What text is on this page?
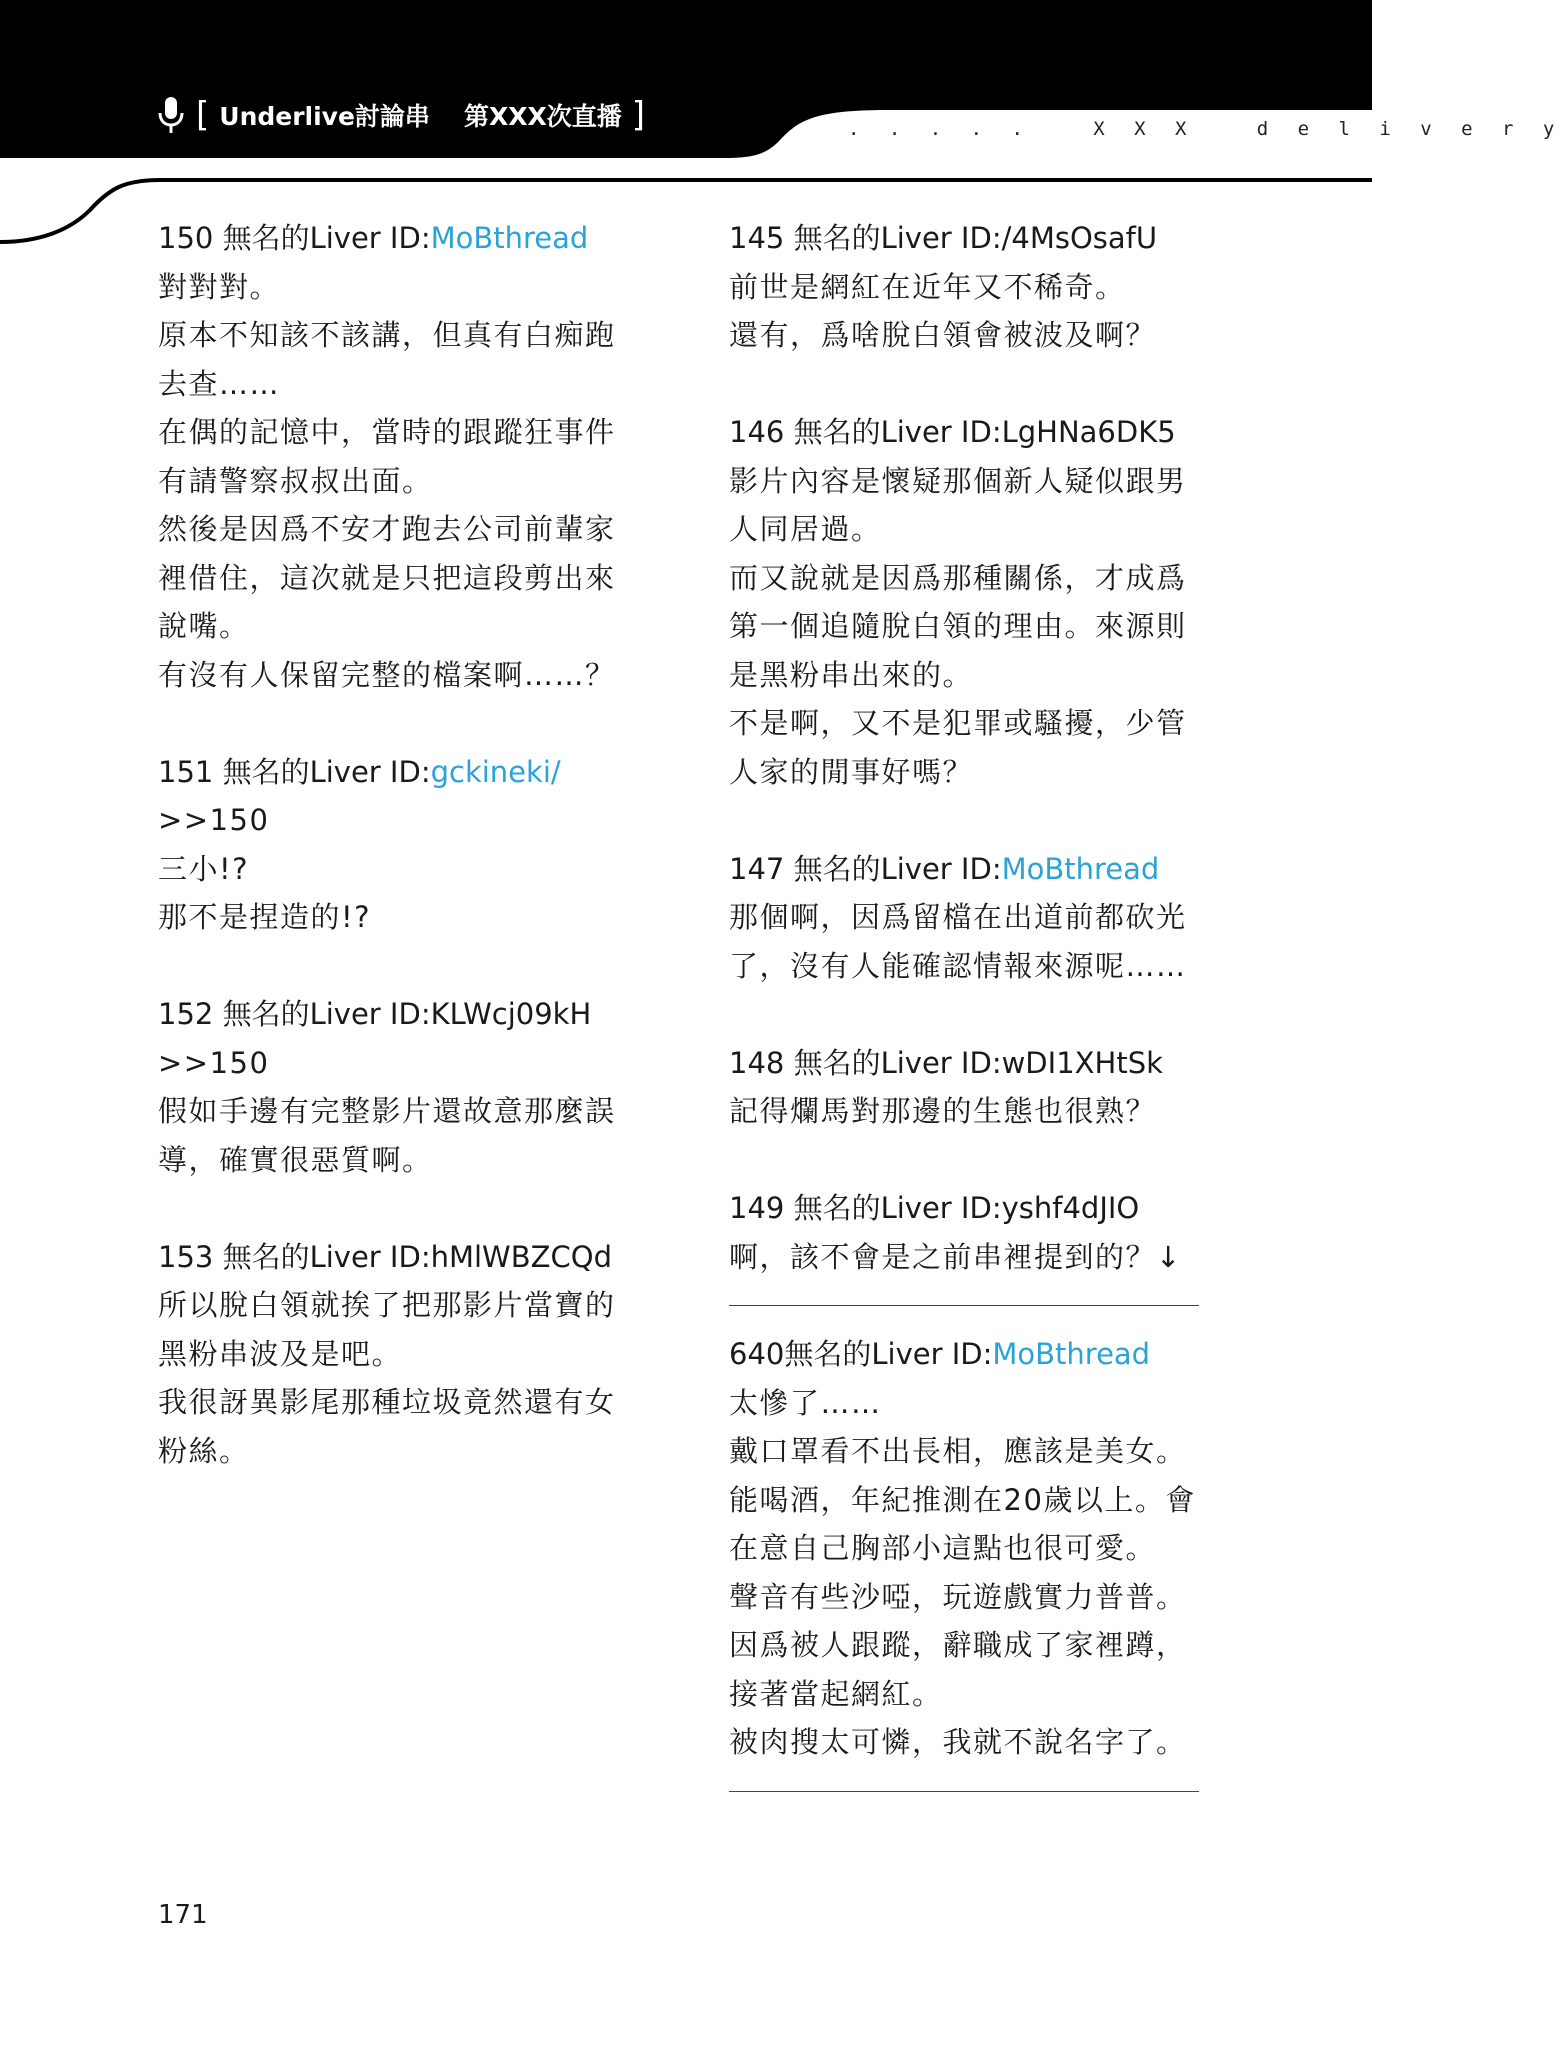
[ Underlive討論串 第XXX次直播 ]	. . . . .   X X X   d e l i v e r y
150 無名的Liver ID:MoBthread
對對對。
原本不知該不該講，但真有白痴跑
去查……
在偶的記憶中，當時的跟蹤狂事件
有請警察叔叔出面。
然後是因爲不安才跑去公司前輩家
裡借住，這次就是只把這段剪出來
說嘴。
有沒有人保留完整的檔案啊……？
151 無名的Liver ID:gckineki/
>>150
三小!?
那不是捏造的!?
152 無名的Liver ID:KLWcj09kH
>>150
假如手邊有完整影片還故意那麼誤
導，確實很惡質啊。
153 無名的Liver ID:hMlWBZCQd
所以脫白領就挨了把那影片當寶的
黑粉串波及是吧。
我很訝異影尾那種垃圾竟然還有女
粉絲。
145 無名的Liver ID:/4MsOsafU
前世是網紅在近年又不稀奇。
還有，爲啥脫白領會被波及啊？
146 無名的Liver ID:LgHNa6DK5
影片內容是懷疑那個新人疑似跟男
人同居過。
而又說就是因爲那種關係，才成爲
第一個追隨脫白領的理由。來源則
是黑粉串出來的。
不是啊，又不是犯罪或騷擾，少管
人家的閒事好嗎？
147 無名的Liver ID:MoBthread
那個啊，因爲留檔在出道前都砍光
了，沒有人能確認情報來源呢……
148 無名的Liver ID:wDI1XHtSk
記得爛馬對那邊的生態也很熟？
149 無名的Liver ID:yshf4dJIO
啊，該不會是之前串裡提到的？↓
640無名的Liver ID:MoBthread
太慘了……
戴口罩看不出長相，應該是美女。
能喝酒，年紀推測在20歲以上。會
在意自己胸部小這點也很可愛。
聲音有些沙啞，玩遊戲實力普普。
因爲被人跟蹤，辭職成了家裡蹲，
接著當起網紅。
被肉搜太可憐，我就不說名字了。
171
